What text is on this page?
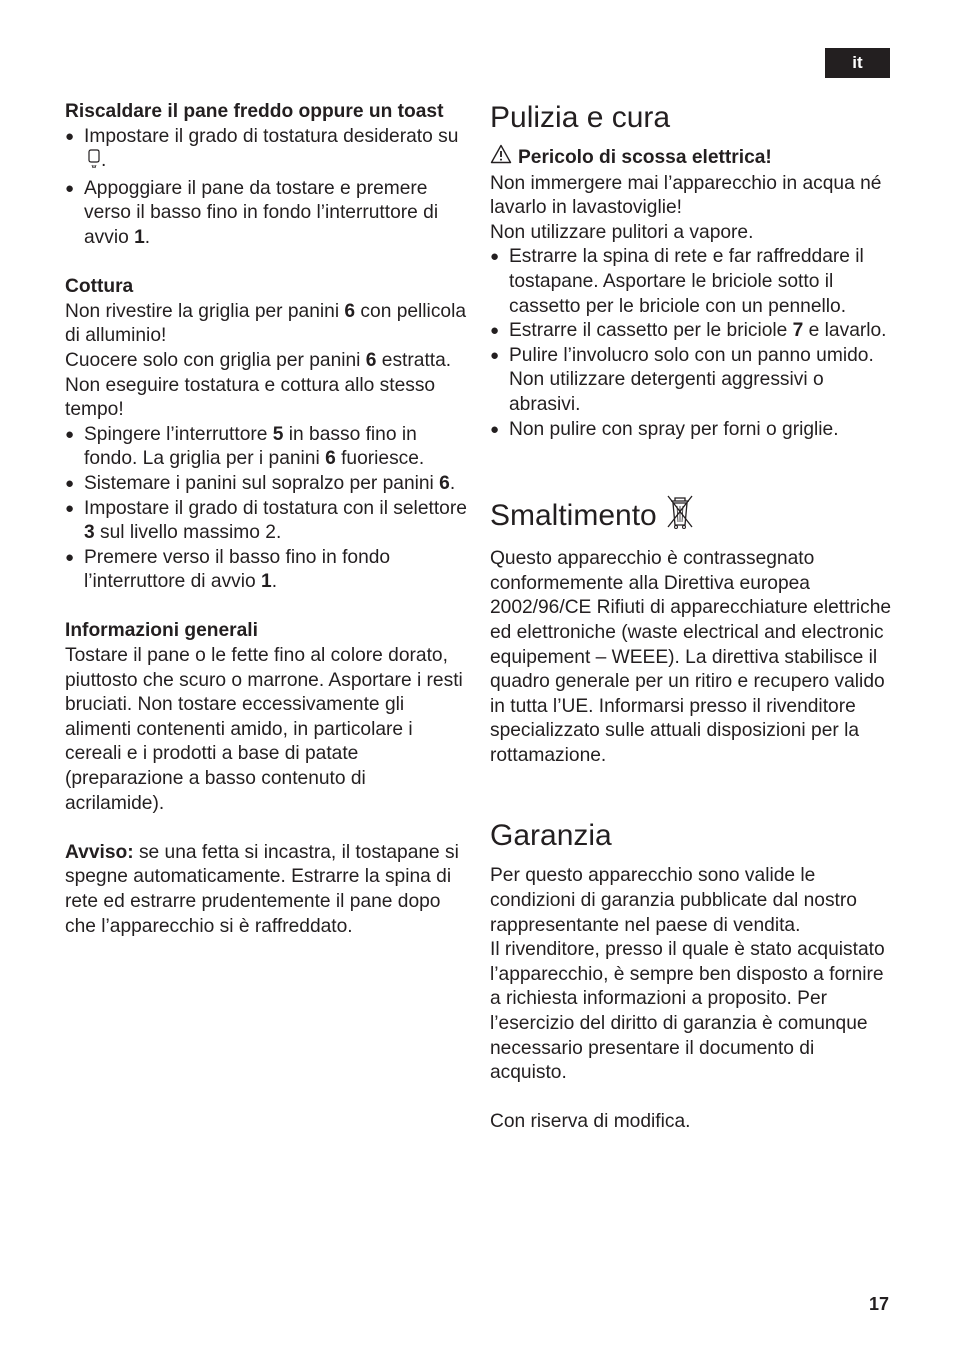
it

Riscaldare il pane freddo oppure un toast

● Impostare il grado di tostatura desiderato su.
● Appoggiare il pane da tostare e premere verso il basso fino in fondo l’interruttore di avvio 1.

Cottura

Non rivestire la griglia per panini 6 con pellicola di alluminio!

Cuocere solo con griglia per panini 6 estratta.

Non eseguire tostatura e cottura allo stesso tempo!

● Spingere l’interruttore 5 in basso fino in fondo. La griglia per i panini 6 fuoriesce.
● Sistemare i panini sul sopralzo per panini 6.
● Impostare il grado di tostatura con il selettore 3 sul livello massimo 2.
● Premere verso il basso fino in fondo l’interruttore di avvio 1.

Informazioni generali

Tostare il pane o le fette fino al colore dorato, piuttosto che scuro o marrone. Asportare i resti bruciati. Non tostare eccessivamente gli alimenti contenenti amido, in particolare i cereali e i prodotti a base di patate (preparazione a basso contenuto di acrilamide).

Avviso: se una fetta si incastra, il tostapane si spegne automaticamente. Estrarre la spina di rete ed estrarre prudentemente il pane dopo che l’apparecchio si è raffreddato.

Pulizia e cura

Pericolo di scossa elettrica!

Non immergere mai l’apparecchio in acqua né lavarlo in lavastoviglie!

Non utilizzare pulitori a vapore.

● Estrarre la spina di rete e far raffreddare il tostapane. Asportare le briciole sotto il cassetto per le briciole con un pennello.
● Estrarre il cassetto per le briciole 7 e lavarlo.
● Pulire l’involucro solo con un panno umido. Non utilizzare detergenti aggressivi o abrasivi.
● Non pulire con spray per forni o griglie.
Smaltimento

Questo apparecchio è contrassegnato conformemente alla Direttiva europea 2002/96/CE Rifiuti di apparecchiature elettriche ed elettroniche (waste electrical and electronic equipement – WEEE). La direttiva stabilisce il quadro generale per un ritiro e recupero valido in tutta l’UE. Informarsi presso il rivenditore specializzato sulle attuali disposizioni per la rottamazione.

Garanzia

Per questo apparecchio sono valide le condizioni di garanzia pubblicate dal nostro rappresentante nel paese di vendita.

Il rivenditore, presso il quale è stato acquistato l’apparecchio, è sempre ben disposto a fornire a richiesta informazioni a proposito. Per l’esercizio del diritto di garanzia è comunque necessario presentare il documento di acquisto.

Con riserva di modifica.

17
